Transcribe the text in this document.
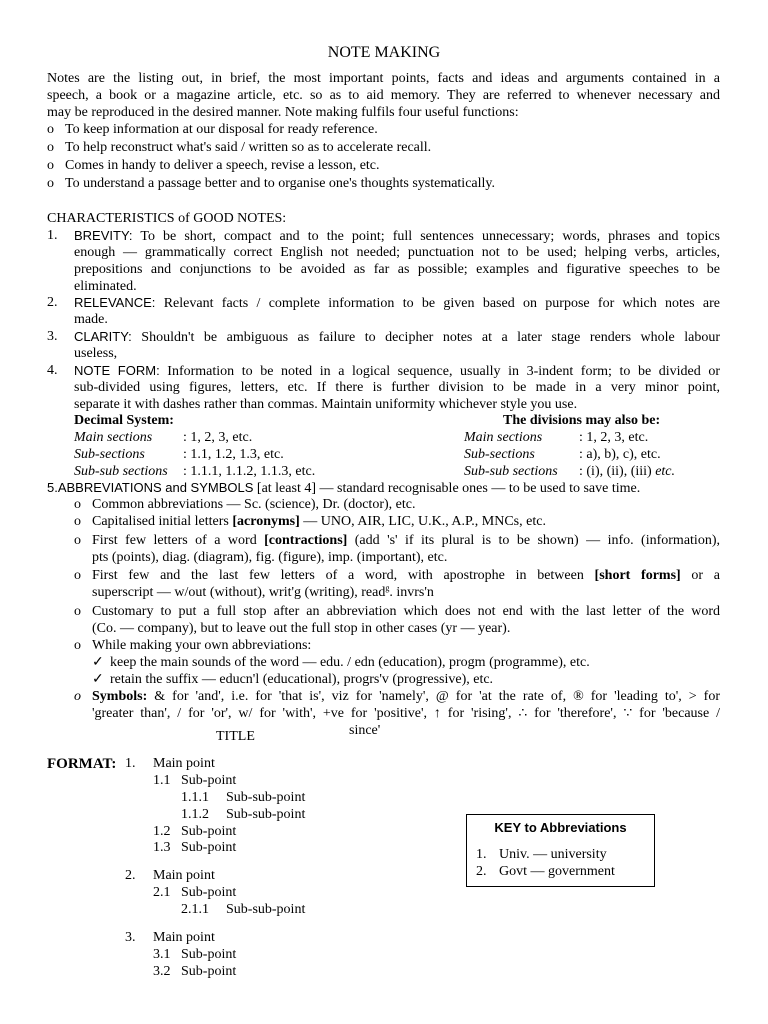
NOTE MAKING
Notes are the listing out, in brief, the most important points, facts and ideas and arguments contained in a
speech, a book or a magazine article, etc. so as to aid memory. They are referred to whenever necessary and
may be reproduced in the desired manner. Note making fulfils four useful functions:
o To keep information at our disposal for ready reference.
o To help reconstruct what's said / written so as to accelerate recall.
o Comes in handy to deliver a speech, revise a lesson, etc.
o To understand a passage better and to organise one's thoughts systematically.
CHARACTERISTICS of GOOD NOTES:
1. BREVITY: To be short, compact and to the point; full sentences unnecessary; words, phrases and topics
enough — grammatically correct English not needed; punctuation not to be used; helping verbs, articles,
prepositions and conjunctions to be avoided as far as possible; examples and figurative speeches to be
eliminated.
2. RELEVANCE: Relevant facts / complete information to be given based on purpose for which notes are
made.
3. CLARITY: Shouldn't be ambiguous as failure to decipher notes at a later stage renders whole labour
useless,
4. NOTE FORM: Information to be noted in a logical sequence, usually in 3-indent form; to be divided or
sub-divided using figures, letters, etc. If there is further division to be made in a very minor point,
separate it with dashes rather than commas. Maintain uniformity whichever style you use.
Decimal System:
Main sections : 1, 2, 3, etc.
Sub-sections	: 1.1, 1.2, 1.3, etc.
Sub-sub sections : 1.1.1, 1.1.2, 1.1.3, etc.
The divisions may also be:
Main sections	: 1, 2, 3, etc.
Sub-sections	: a), b), c), etc.
Sub-sub sections : (i), (ii), (iii) etc.
5.ABBREVIATIONS and SYMBOLS [at least 4] — standard recognisable ones — to be used to save time.
o Common abbreviations — Sc. (science), Dr. (doctor), etc.
o Capitalised initial letters [acronyms] — UNO, AIR, LIC, U.K., A.P., MNCs, etc.
o First few letters of a word [contractions] (add 's' if its plural is to be shown) — info. (information),
pts (points), diag. (diagram), fig. (figure), imp. (important), etc.
o First few and the last few letters of a word, with apostrophe in between [short forms] or a
superscript — w/out (without), writ'g (writing), read$^g$. invrs'n
o Customary to put a full stop after an abbreviation which does not end with the last letter of the word
(Co. — company), but to leave out the full stop in other cases (yr — year).
o While making your own abbreviations:
✓ keep the main sounds of the word — edu. / edn (education), progm (programme), etc.
✓ retain the suffix — educn'l (educational), progrs'v (progressive), etc.
o Symbols: & for 'and', i.e. for 'that is', viz for 'namely', @ for 'at the rate of, ® for 'leading to', > for
'greater than', / for 'or', w/ for 'with', +ve for 'positive', ↑ for 'rising', ∴ for 'therefore', ∵ for 'because /
since'
TITLE
FORMAT: 1. Main point
1.1 Sub-point
1.1.1 Sub-sub-point
1.1.2 Sub-sub-point
1.2 Sub-point
1.3 Sub-point
2. Main point
2.1 Sub-point
2.1.1 Sub-sub-point
3. Main point
3.1 Sub-point
3.2 Sub-point
KEY to Abbreviations
1. Univ. — university
2. Govt — government
